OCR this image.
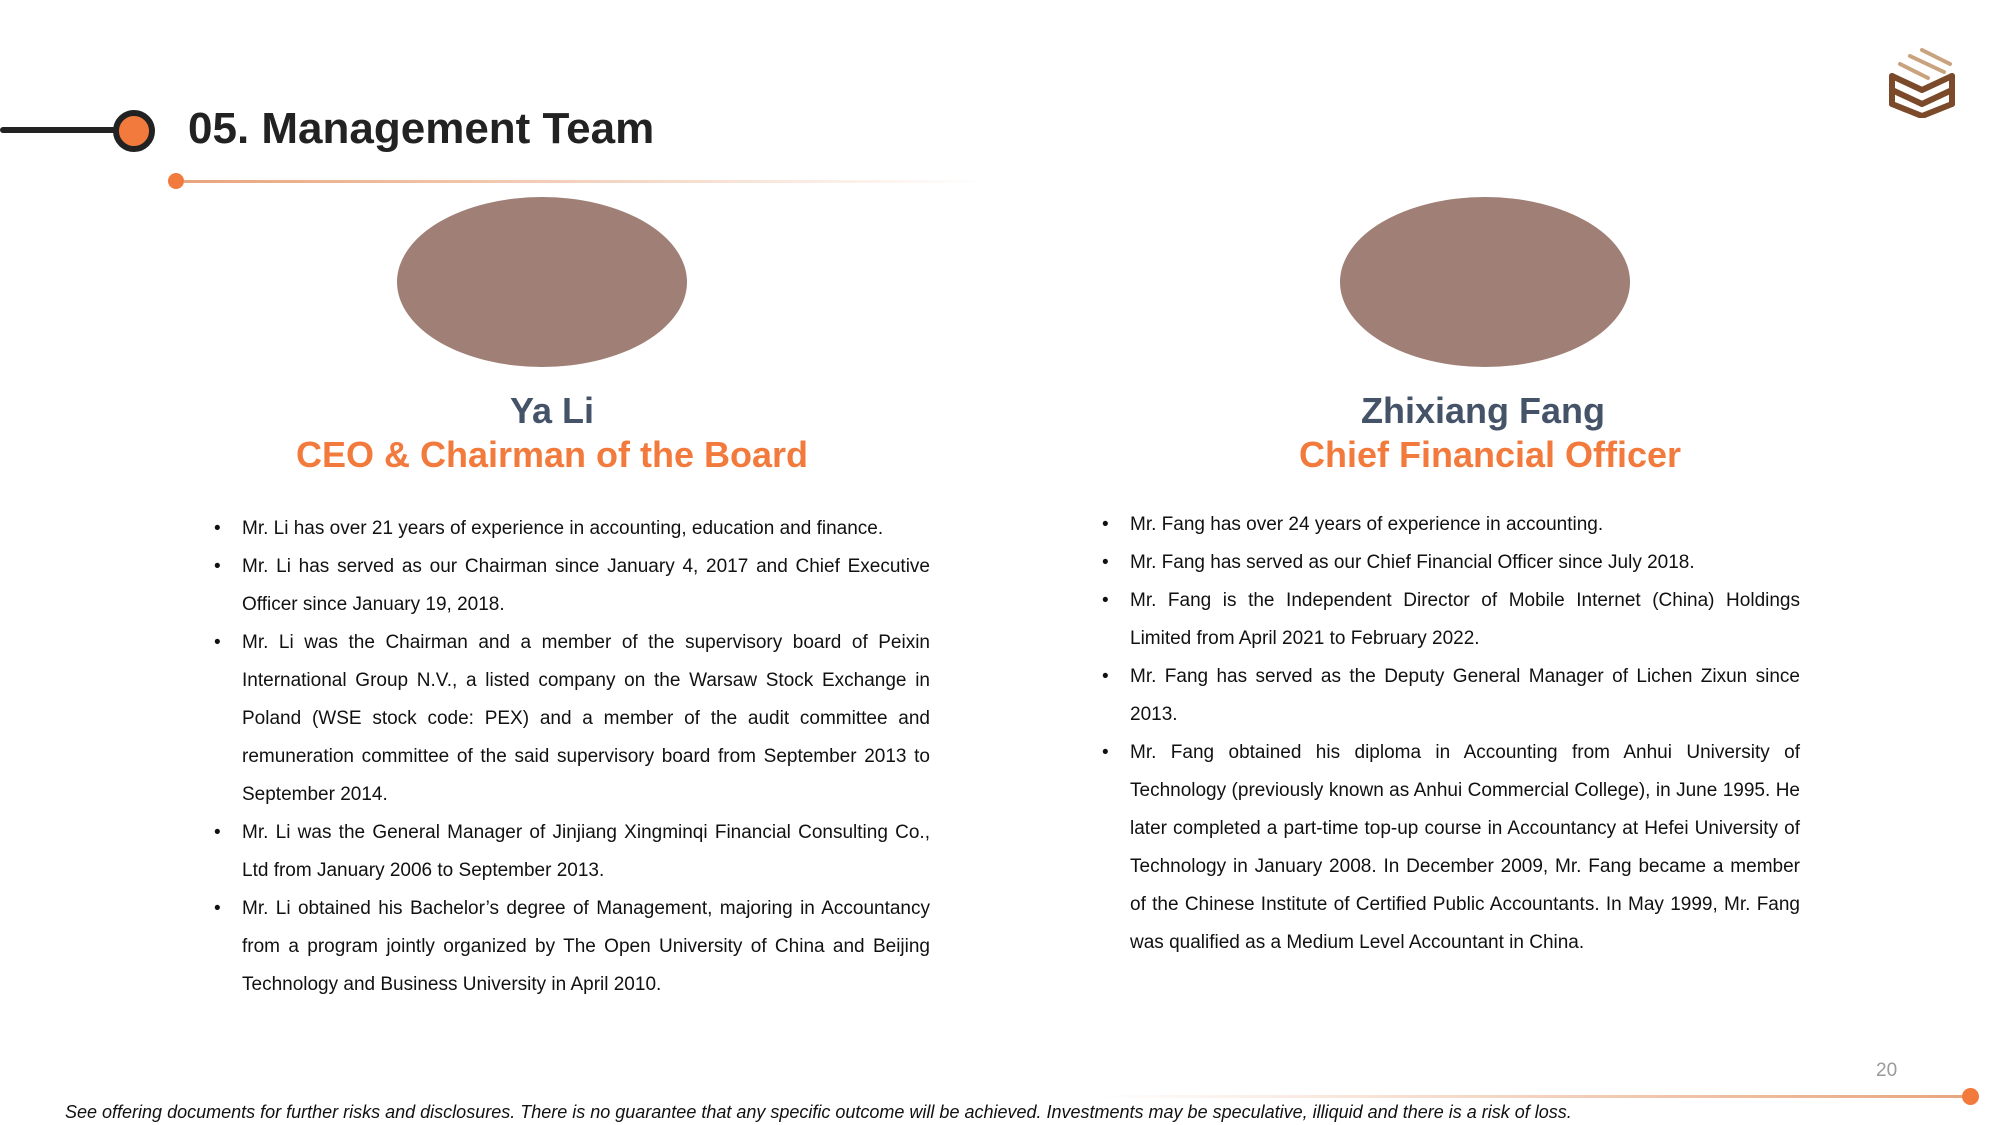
05. Management Team
Ya Li
CEO & Chairman of the Board
Zhixiang Fang
Chief Financial Officer
• Mr. Li has over 21 years of experience in accounting, education and finance.
• Mr. Li has served as our Chairman since January 4, 2017 and Chief Executive Officer since January 19, 2018.
• Mr. Li was the Chairman and a member of the supervisory board of Peixin International Group N.V., a listed company on the Warsaw Stock Exchange in Poland (WSE stock code: PEX) and a member of the audit committee and remuneration committee of the said supervisory board from September 2013 to September 2014.
• Mr. Li was the General Manager of Jinjiang Xingminqi Financial Consulting Co., Ltd from January 2006 to September 2013.
• Mr. Li obtained his Bachelor’s degree of Management, majoring in Accountancy from a program jointly organized by The Open University of China and Beijing Technology and Business University in April 2010.
• Mr. Fang has over 24 years of experience in accounting.
• Mr. Fang has served as our Chief Financial Officer since July 2018.
• Mr. Fang is the Independent Director of Mobile Internet (China) Holdings Limited from April 2021 to February 2022.
• Mr. Fang has served as the Deputy General Manager of Lichen Zixun since 2013.
• Mr. Fang obtained his diploma in Accounting from Anhui University of Technology (previously known as Anhui Commercial College), in June 1995. He later completed a part-time top-up course in Accountancy at Hefei University of Technology in January 2008. In December 2009, Mr. Fang became a member of the Chinese Institute of Certified Public Accountants. In May 1999, Mr. Fang was qualified as a Medium Level Accountant in China.
20
See offering documents for further risks and disclosures. There is no guarantee that any specific outcome will be achieved. Investments may be speculative, illiquid and there is a risk of loss.
